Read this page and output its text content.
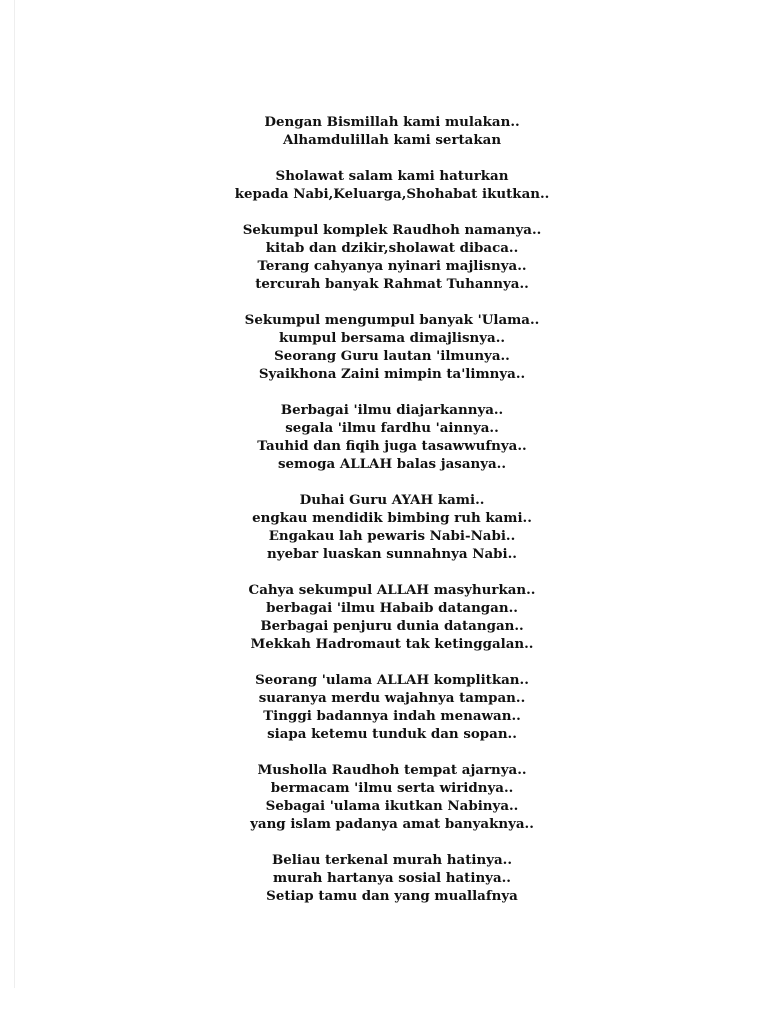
Dengan Bismillah kami mulakan..
Alhamdulillah kami sertakan
Sholawat salam kami haturkan
kepada Nabi,Keluarga,Shohabat ikutkan..
Sekumpul komplek Raudhoh namanya..
kitab dan dzikir,sholawat dibaca..
Terang cahyanya nyinari majlisnya..
tercurah banyak Rahmat Tuhannya..
Sekumpul mengumpul banyak 'Ulama..
kumpul bersama dimajlisnya..
Seorang Guru lautan 'ilmunya..
Syaikhona Zaini mimpin ta'limnya..
Berbagai 'ilmu diajarkannya..
segala 'ilmu fardhu 'ainnya..
Tauhid dan fiqih juga tasawwufnya..
semoga ALLAH balas jasanya..
Duhai Guru AYAH kami..
engkau mendidik bimbing ruh kami..
Engakau lah pewaris Nabi-Nabi..
nyebar luaskan sunnahnya Nabi..
Cahya sekumpul ALLAH masyhurkan..
berbagai 'ilmu Habaib datangan..
Berbagai penjuru dunia datangan..
Mekkah Hadromaut tak ketinggalan..
Seorang 'ulama ALLAH komplitkan..
suaranya merdu wajahnya tampan..
Tinggi badannya indah menawan..
siapa ketemu tunduk dan sopan..
Musholla Raudhoh tempat ajarnya..
bermacam 'ilmu serta wiridnya..
Sebagai 'ulama ikutkan Nabinya..
yang islam padanya amat banyaknya..
Beliau terkenal murah hatinya..
murah hartanya sosial hatinya..
Setiap tamu dan yang muallafnya
